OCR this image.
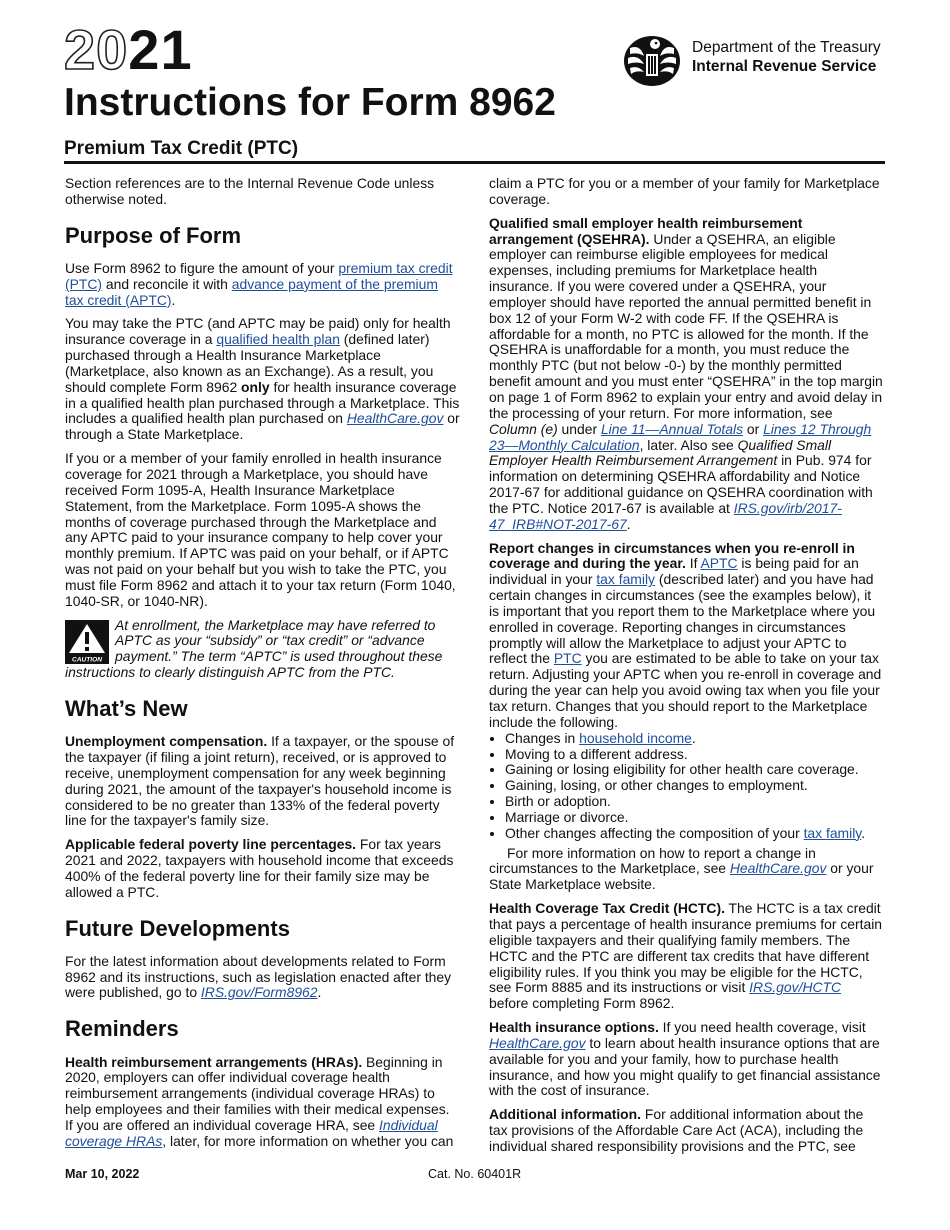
2021
Instructions for Form 8962
Premium Tax Credit (PTC)
Department of the Treasury
Internal Revenue Service

Section references are to the Internal Revenue Code unless otherwise noted.

Purpose of Form

Use Form 8962 to figure the amount of your premium tax credit (PTC) and reconcile it with advance payment of the premium tax credit (APTC).

You may take the PTC (and APTC may be paid) only for health insurance coverage in a qualified health plan (defined later) purchased through a Health Insurance Marketplace (Marketplace, also known as an Exchange). As a result, you should complete Form 8962 only for health insurance coverage in a qualified health plan purchased through a Marketplace. This includes a qualified health plan purchased on HealthCare.gov or through a State Marketplace.

If you or a member of your family enrolled in health insurance coverage for 2021 through a Marketplace, you should have received Form 1095-A, Health Insurance Marketplace Statement, from the Marketplace. Form 1095-A shows the months of coverage purchased through the Marketplace and any APTC paid to your insurance company to help cover your monthly premium. If APTC was paid on your behalf, or if APTC was not paid on your behalf but you wish to take the PTC, you must file Form 8962 and attach it to your tax return (Form 1040, 1040-SR, or 1040-NR).

CAUTION
At enrollment, the Marketplace may have referred to APTC as your “subsidy” or “tax credit” or “advance payment.” The term “APTC” is used throughout these instructions to clearly distinguish APTC from the PTC.
What’s New

Unemployment compensation. If a taxpayer, or the spouse of the taxpayer (if filing a joint return), received, or is approved to receive, unemployment compensation for any week beginning during 2021, the amount of the taxpayer's household income is considered to be no greater than 133% of the federal poverty line for the taxpayer's family size.

Applicable federal poverty line percentages. For tax years 2021 and 2022, taxpayers with household income that exceeds 400% of the federal poverty line for their family size may be allowed a PTC.

Future Developments

For the latest information about developments related to Form 8962 and its instructions, such as legislation enacted after they were published, go to IRS.gov/Form8962.

Reminders

Health reimbursement arrangements (HRAs). Beginning in 2020, employers can offer individual coverage health reimbursement arrangements (individual coverage HRAs) to help employees and their families with their medical expenses. If you are offered an individual coverage HRA, see Individual coverage HRAs, later, for more information on whether you can

claim a PTC for you or a member of your family for Marketplace coverage.

Qualified small employer health reimbursement arrangement (QSEHRA). Under a QSEHRA, an eligible employer can reimburse eligible employees for medical expenses, including premiums for Marketplace health insurance. If you were covered under a QSEHRA, your employer should have reported the annual permitted benefit in box 12 of your Form W-2 with code FF. If the QSEHRA is affordable for a month, no PTC is allowed for the month. If the QSEHRA is unaffordable for a month, you must reduce the monthly PTC (but not below -0-) by the monthly permitted benefit amount and you must enter “QSEHRA” in the top margin on page 1 of Form 8962 to explain your entry and avoid delay in the processing of your return. For more information, see Column (e) under Line 11—Annual Totals or Lines 12 Through 23—Monthly Calculation, later. Also see Qualified Small Employer Health Reimbursement Arrangement in Pub. 974 for information on determining QSEHRA affordability and Notice 2017-67 for additional guidance on QSEHRA coordination with the PTC. Notice 2017-67 is available at IRS.gov/irb/2017-47_IRB#NOT-2017-67.

Report changes in circumstances when you re-enroll in coverage and during the year. If APTC is being paid for an individual in your tax family (described later) and you have had certain changes in circumstances (see the examples below), it is important that you report them to the Marketplace where you enrolled in coverage. Reporting changes in circumstances promptly will allow the Marketplace to adjust your APTC to reflect the PTC you are estimated to be able to take on your tax return. Adjusting your APTC when you re-enroll in coverage and during the year can help you avoid owing tax when you file your tax return. Changes that you should report to the Marketplace include the following.

• Changes in household income.
• Moving to a different address.
• Gaining or losing eligibility for other health care coverage.
• Gaining, losing, or other changes to employment.
• Birth or adoption.
• Marriage or divorce.
• Other changes affecting the composition of your tax family.

For more information on how to report a change in circumstances to the Marketplace, see HealthCare.gov or your State Marketplace website.

Health Coverage Tax Credit (HCTC). The HCTC is a tax credit that pays a percentage of health insurance premiums for certain eligible taxpayers and their qualifying family members. The HCTC and the PTC are different tax credits that have different eligibility rules. If you think you may be eligible for the HCTC, see Form 8885 and its instructions or visit IRS.gov/HCTC before completing Form 8962.

Health insurance options. If you need health coverage, visit HealthCare.gov to learn about health insurance options that are available for you and your family, how to purchase health insurance, and how you might qualify to get financial assistance with the cost of insurance.

Additional information. For additional information about the tax provisions of the Affordable Care Act (ACA), including the individual shared responsibility provisions and the PTC, see

Mar 10, 2022	Cat. No. 60401R
